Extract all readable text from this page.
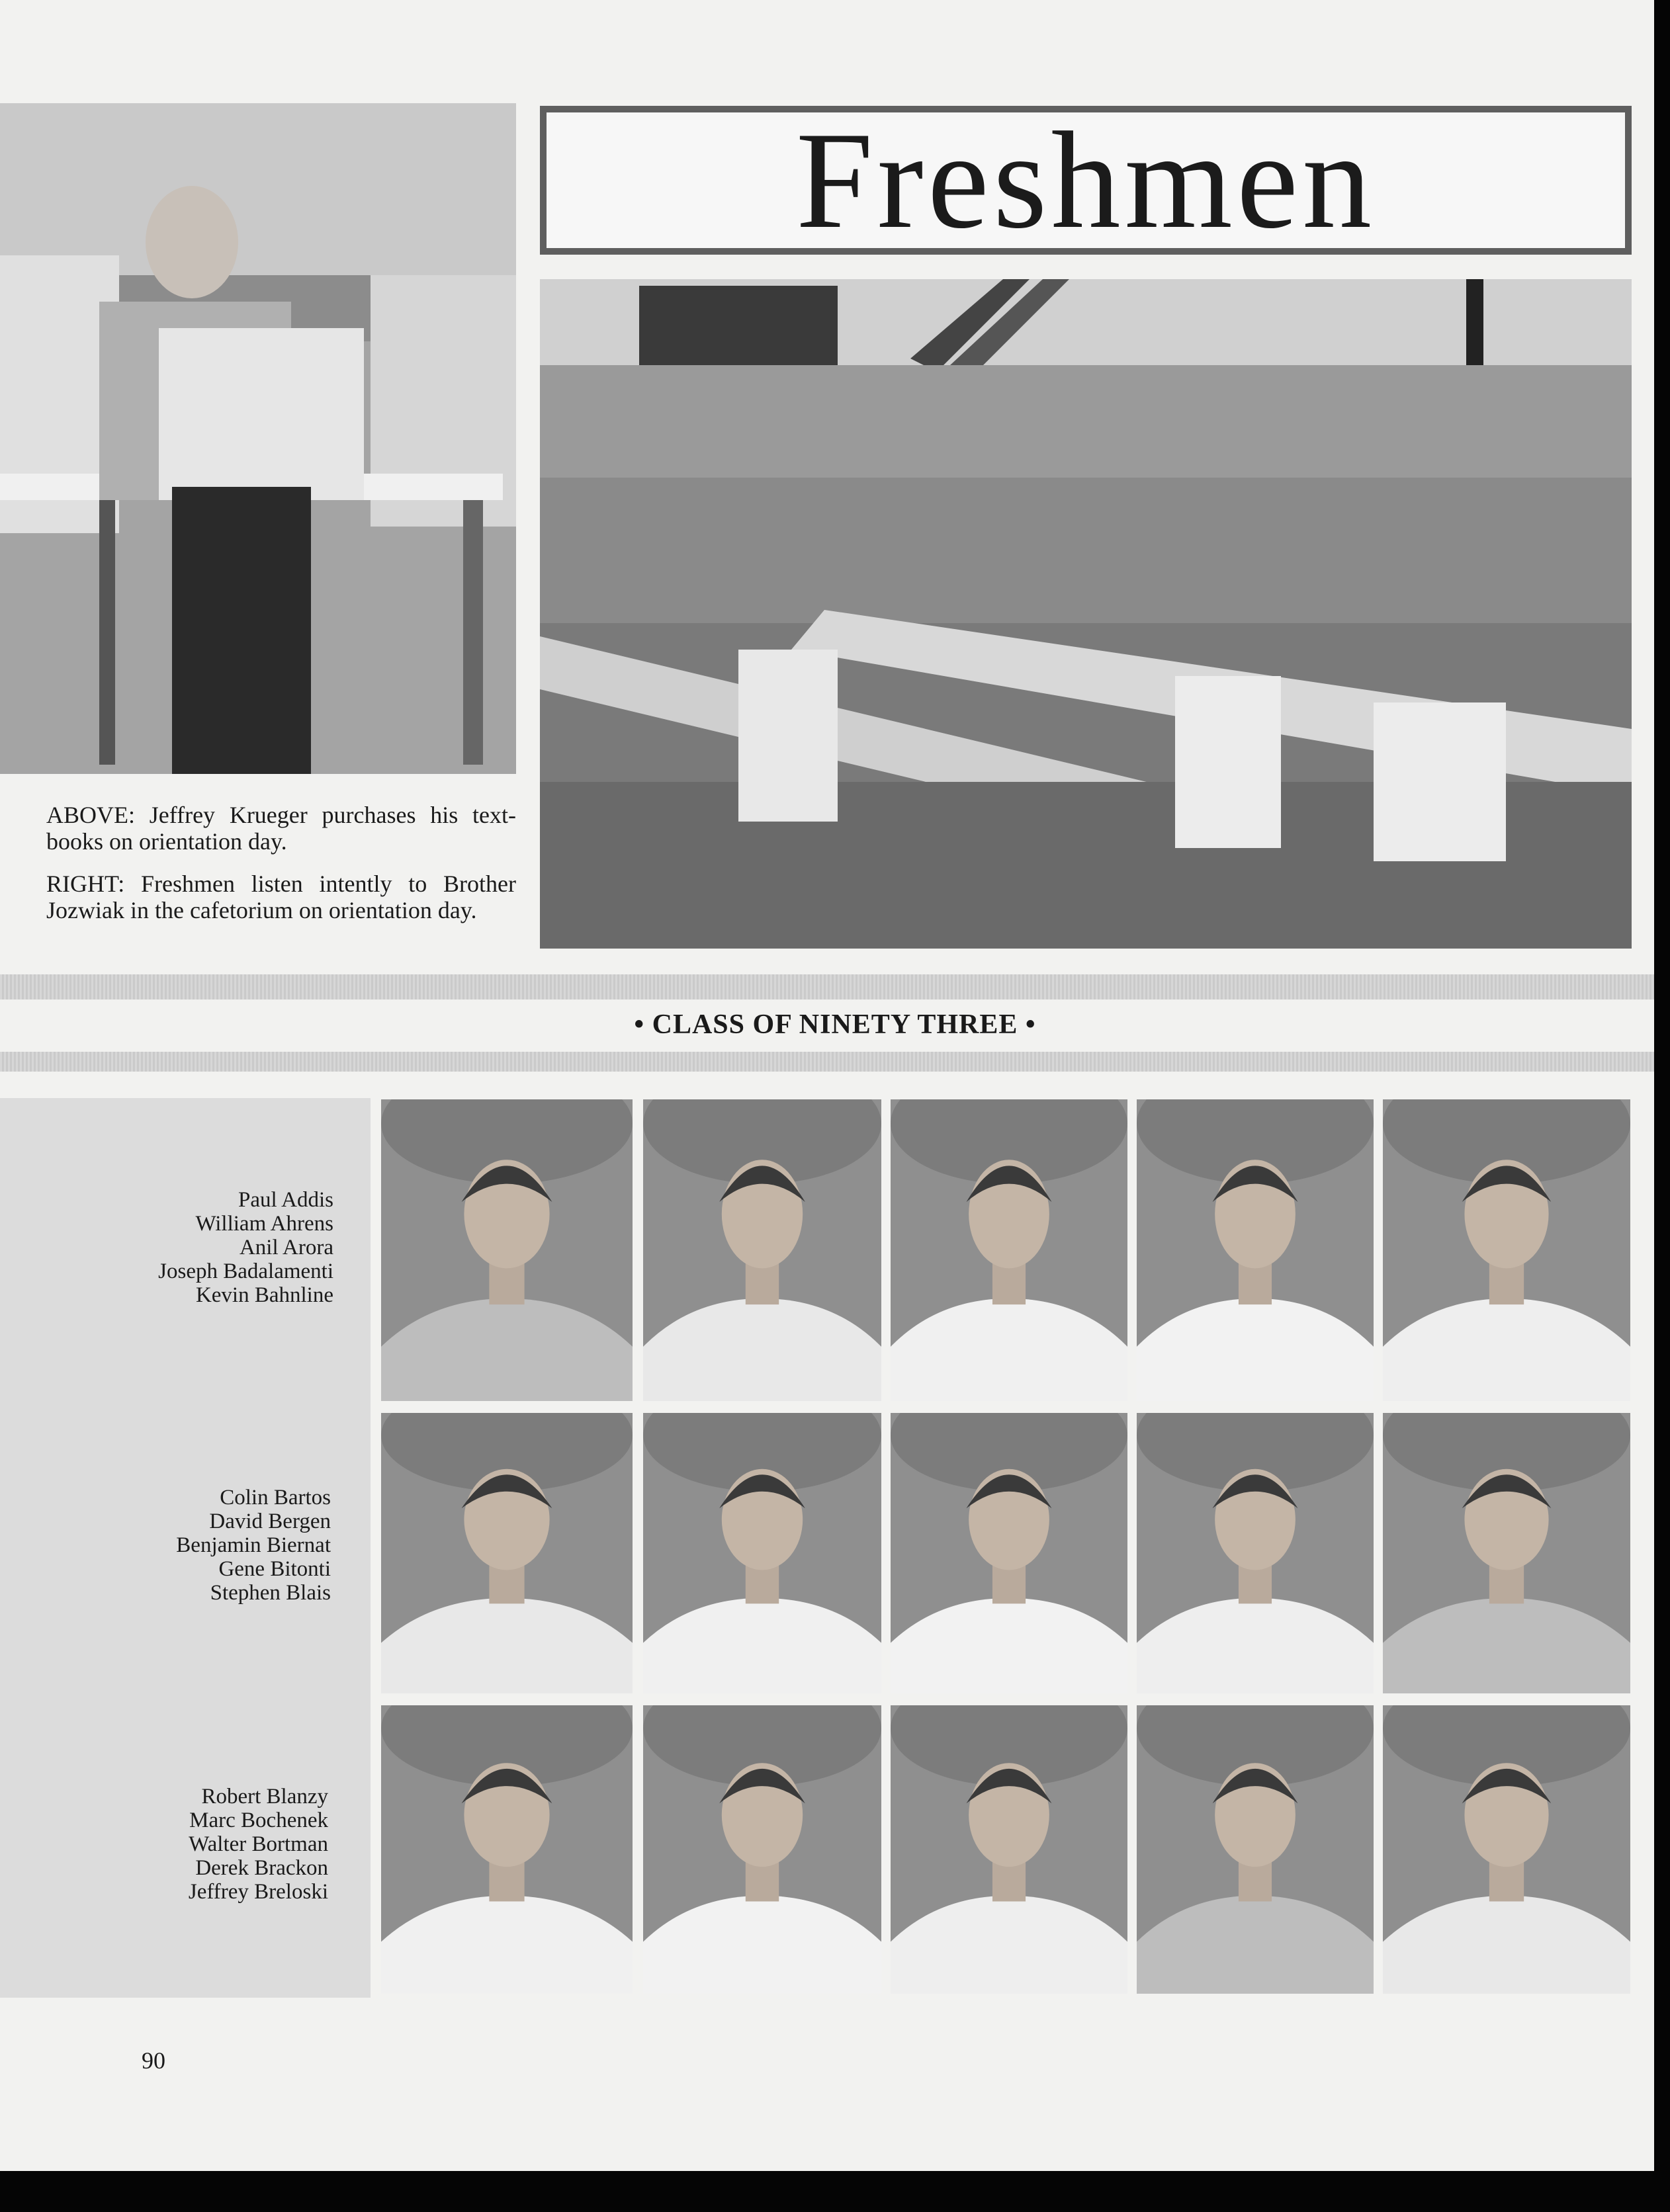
Freshmen

ABOVE: Jeffrey Krueger purchases his text-books on orientation day.

RIGHT: Freshmen listen intently to Brother Jozwiak in the cafetorium on orientation day.

• CLASS OF NINETY THREE •
Paul Addis
William Ahrens
Anil Arora
Joseph Badalamenti
Kevin Bahnline
Colin Bartos
David Bergen
Benjamin Biernat
Gene Bitonti
Stephen Blais
Robert Blanzy
Marc Bochenek
Walter Bortman
Derek Brackon
Jeffrey Breloski
90
